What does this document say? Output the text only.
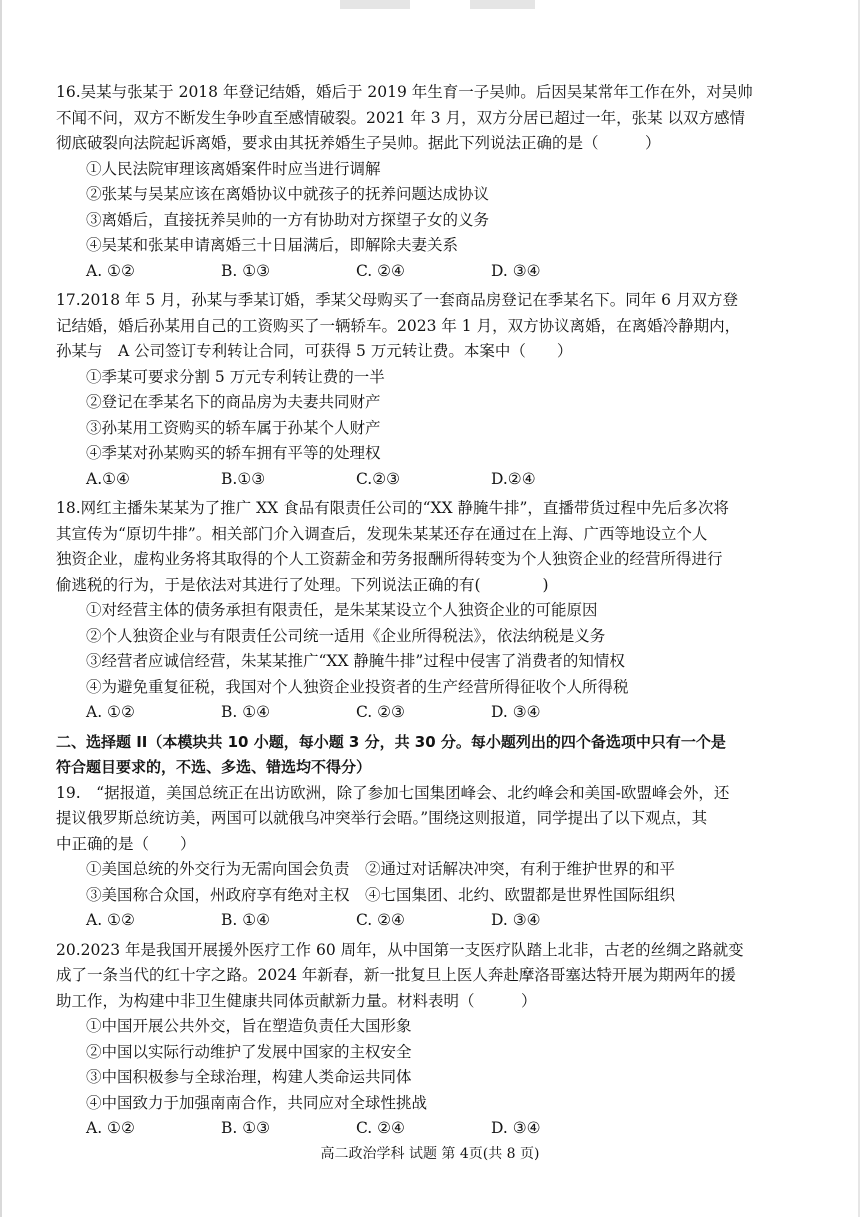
16.吴某与张某于 2018 年登记结婚，婚后于 2019 年生育一子吴帅。后因吴某常年工作在外，对吴帅

不闻不问，双方不断发生争吵直至感情破裂。2021 年 3 月，双方分居已超过一年，张某 以双方感情

彻底破裂向法院起诉离婚，要求由其抚养婚生子吴帅。据此下列说法正确的是（　　　）

①人民法院审理该离婚案件时应当进行调解

②张某与吴某应该在离婚协议中就孩子的抚养问题达成协议

③离婚后，直接抚养吴帅的一方有协助对方探望子女的义务

④吴某和张某申请离婚三十日届满后，即解除夫妻关系

A. ①②	B. ①③	C. ②④	D. ③④

17.2018 年 5 月，孙某与季某订婚，季某父母购买了一套商品房登记在季某名下。同年 6 月双方登

记结婚，婚后孙某用自己的工资购买了一辆轿车。2023 年 1 月，双方协议离婚，在离婚冷静期内，

孙某与　A 公司签订专利转让合同，可获得 5 万元转让费。本案中（　　）

①季某可要求分割 5 万元专利转让费的一半

②登记在季某名下的商品房为夫妻共同财产

③孙某用工资购买的轿车属于孙某个人财产

④季某对孙某购买的轿车拥有平等的处理权

A.①④	B.①③	C.②③	D.②④

18.网红主播朱某某为了推广 XX 食品有限责任公司的“XX 静腌牛排”，直播带货过程中先后多次将

其宣传为“原切牛排”。相关部门介入调查后，发现朱某某还存在通过在上海、广西等地设立个人

独资企业，虚构业务将其取得的个人工资薪金和劳务报酬所得转变为个人独资企业的经营所得进行

偷逃税的行为，于是依法对其进行了处理。下列说法正确的有(　　　　)

①对经营主体的债务承担有限责任，是朱某某设立个人独资企业的可能原因

②个人独资企业与有限责任公司统一适用《企业所得税法》，依法纳税是义务

③经营者应诚信经营，朱某某推广“XX 静腌牛排”过程中侵害了消费者的知情权

④为避免重复征税，我国对个人独资企业投资者的生产经营所得征收个人所得税

A. ①②	B. ①④	C. ②③	D. ③④

二、选择题 II（本模块共 10 小题，每小题 3 分，共 30 分。每小题列出的四个备选项中只有一个是

符合题目要求的，不选、多选、错选均不得分）

19.　“据报道，美国总统正在出访欧洲，除了参加七国集团峰会、北约峰会和美国-欧盟峰会外，还

提议俄罗斯总统访美，两国可以就俄乌冲突举行会晤。”围绕这则报道，同学提出了以下观点，其

中正确的是（　　）

①美国总统的外交行为无需向国会负责　②通过对话解决冲突，有利于维护世界的和平

③美国称合众国，州政府享有绝对主权　④七国集团、北约、欧盟都是世界性国际组织

A. ①②	B. ①④	C. ②④	D. ③④

20.2023 年是我国开展援外医疗工作 60 周年，从中国第一支医疗队踏上北非，古老的丝绸之路就变

成了一条当代的红十字之路。2024 年新春，新一批复旦上医人奔赴摩洛哥塞达特开展为期两年的援

助工作，为构建中非卫生健康共同体贡献新力量。材料表明（　　　）

①中国开展公共外交，旨在塑造负责任大国形象

②中国以实际行动维护了发展中国家的主权安全

③中国积极参与全球治理，构建人类命运共同体

④中国致力于加强南南合作，共同应对全球性挑战

A. ①②	B. ①③	C. ②④	D. ③④
高二政治学科 试题 第 4页(共 8 页)
